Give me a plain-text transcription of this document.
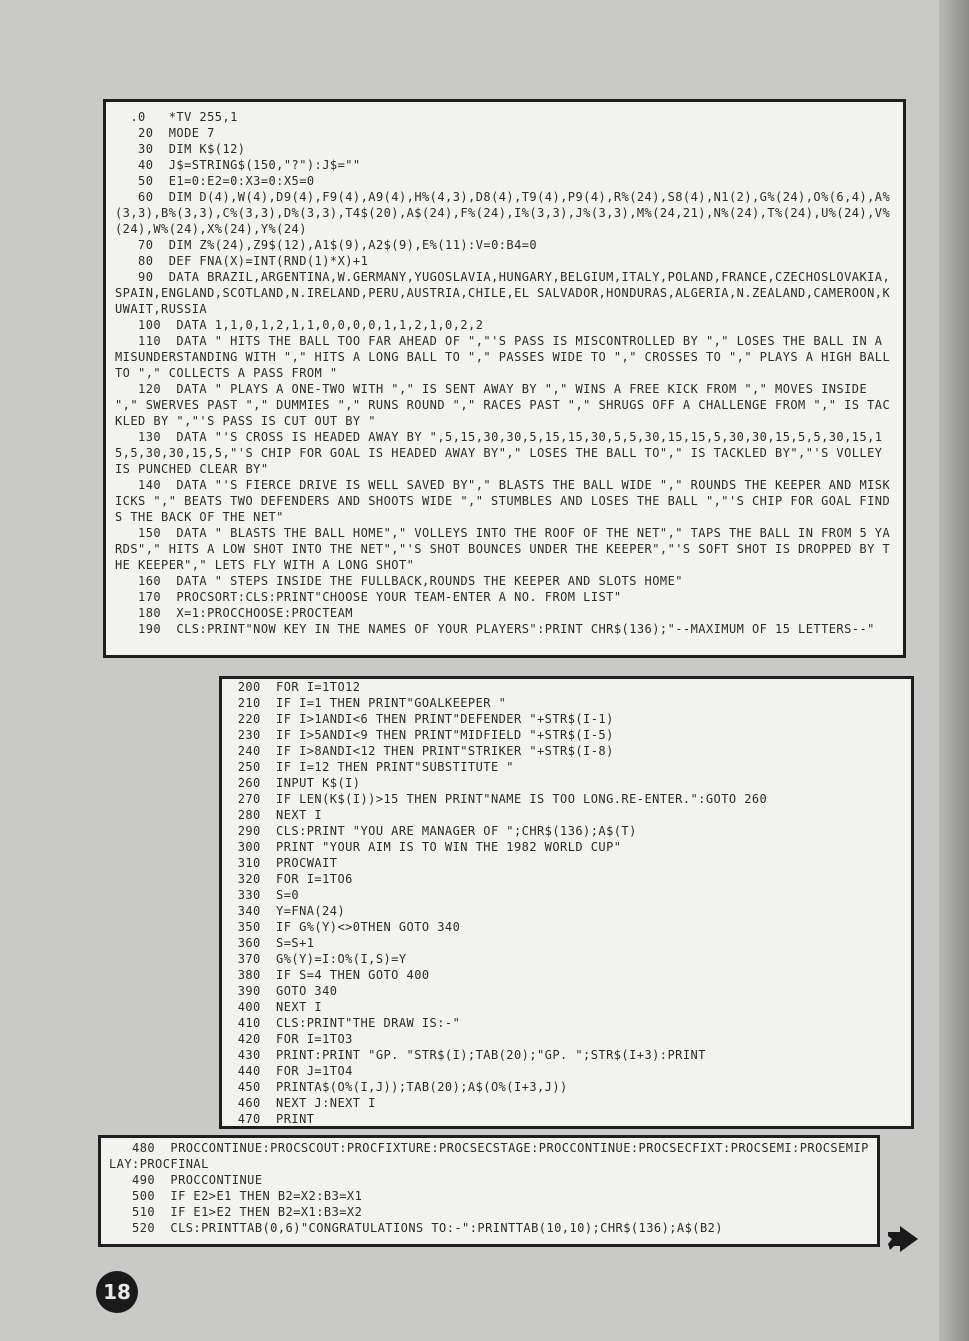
.0   *TV 255,1
20  MODE 7
30  DIM K$(12)
40  J$=STRING$(150,"?"):J$=""
50  E1=0:E2=0:X3=0:X5=0
60  DIM D(4),W(4),D9(4),F9(4),A9(4),H%(4,3),D8(4),T9(4),P9(4),R%(24),S8(4),N1(2),G%(24),O%(6,4),A%(3,3),B%(3,3),C%(3,3),D%(3,3),T4$(20),A$(24),F%(24),I%(3,3),J%(3,3),M%(24,21),N%(24),T%(24),U%(24),V%(24),W%(24),X%(24),Y%(24)
70  DIM Z%(24),Z9$(12),A1$(9),A2$(9),E%(11):V=0:B4=0
80  DEF FNA(X)=INT(RND(1)*X)+1
90  DATA BRAZIL,ARGENTINA,W.GERMANY,YUGOSLAVIA,HUNGARY,BELGIUM,ITALY,POLAND,FRANCE,CZECHOSLOVAKIA,SPAIN,ENGLAND,SCOTLAND,N.IRELAND,PERU,AUSTRIA,CHILE,EL SALVADOR,HONDURAS,ALGERIA,N.ZEALAND,CAMEROON,KUWAIT,RUSSIA
100  DATA 1,1,0,1,2,1,1,0,0,0,0,1,1,2,1,0,2,2
110  DATA " HITS THE BALL TOO FAR AHEAD OF ","'S PASS IS MISCONTROLLED BY "," LOSES THE BALL IN A MISUNDERSTANDING WITH "," HITS A LONG BALL TO "," PASSES WIDE TO "," CROSSES TO "," PLAYS A HIGH BALL TO "," COLLECTS A PASS FROM "
120  DATA " PLAYS A ONE-TWO WITH "," IS SENT AWAY BY "," WINS A FREE KICK FROM "," MOVES INSIDE "," SWERVES PAST "," DUMMIES "," RUNS ROUND "," RACES PAST "," SHRUGS OFF A CHALLENGE FROM "," IS TACKLED BY ","'S PASS IS CUT OUT BY "
130  DATA "'S CROSS IS HEADED AWAY BY ",5,15,30,30,5,15,15,30,5,5,30,15,15,5,30,30,15,5,5,30,15,15,5,30,30,15,5,"'S CHIP FOR GOAL IS HEADED AWAY BY"," LOSES THE BALL TO"," IS TACKLED BY","'S VOLLEY IS PUNCHED CLEAR BY"
140  DATA "'S FIERCE DRIVE IS WELL SAVED BY"," BLASTS THE BALL WIDE "," ROUNDS THE KEEPER AND MISKICKS "," BEATS TWO DEFENDERS AND SHOOTS WIDE "," STUMBLES AND LOSES THE BALL ","'S CHIP FOR GOAL FINDS THE BACK OF THE NET"
150  DATA " BLASTS THE BALL HOME"," VOLLEYS INTO THE ROOF OF THE NET"," TAPS THE BALL IN FROM 5 YARDS"," HITS A LOW SHOT INTO THE NET","'S SHOT BOUNCES UNDER THE KEEPER","'S SOFT SHOT IS DROPPED BY THE KEEPER"," LETS FLY WITH A LONG SHOT"
160  DATA " STEPS INSIDE THE FULLBACK,ROUNDS THE KEEPER AND SLOTS HOME"
170  PROCSORT:CLS:PRINT"CHOOSE YOUR TEAM-ENTER A NO. FROM LIST"
180  X=1:PROCCHOOSE:PROCTEAM
190  CLS:PRINT"NOW KEY IN THE NAMES OF YOUR PLAYERS":PRINT CHR$(136);"--MAXIMUM OF 15 LETTERS--"
200  FOR I=1TO12
210  IF I=1 THEN PRINT"GOALKEEPER "
220  IF I>1ANDI<6 THEN PRINT"DEFENDER "+STR$(I-1)
230  IF I>5ANDI<9 THEN PRINT"MIDFIELD "+STR$(I-5)
240  IF I>8ANDI<12 THEN PRINT"STRIKER "+STR$(I-8)
250  IF I=12 THEN PRINT"SUBSTITUTE "
260  INPUT K$(I)
270  IF LEN(K$(I))>15 THEN PRINT"NAME IS TOO LONG.RE-ENTER.":GOTO 260
280  NEXT I
290  CLS:PRINT "YOU ARE MANAGER OF ";CHR$(136);A$(T)
300  PRINT "YOUR AIM IS TO WIN THE 1982 WORLD CUP"
310  PROCWAIT
320  FOR I=1TO6
330  S=0
340  Y=FNA(24)
350  IF G%(Y)<>0THEN GOTO 340
360  S=S+1
370  G%(Y)=I:O%(I,S)=Y
380  IF S=4 THEN GOTO 400
390  GOTO 340
400  NEXT I
410  CLS:PRINT"THE DRAW IS:-"
420  FOR I=1TO3
430  PRINT:PRINT "GP. "STR$(I);TAB(20);"GP. ";STR$(I+3):PRINT
440  FOR J=1TO4
450  PRINTA$(O%(I,J));TAB(20);A$(O%(I+3,J))
460  NEXT J:NEXT I
470  PRINT
480  PROCCONTINUE:PROCSCOUT:PROCFIXTURE:PROCSECSTAGE:PROCCONTINUE:PROCSECFIXT:PROCSEMI:PROCSEMIPLAY:PROCFINAL
490  PROCCONTINUE
500  IF E2>E1 THEN B2=X2:B3=X1
510  IF E1>E2 THEN B2=X1:B3=X2
520  CLS:PRINTTAB(0,6)"CONGRATULATIONS TO:-":PRINTTAB(10,10);CHR$(136);A$(B2)
18
